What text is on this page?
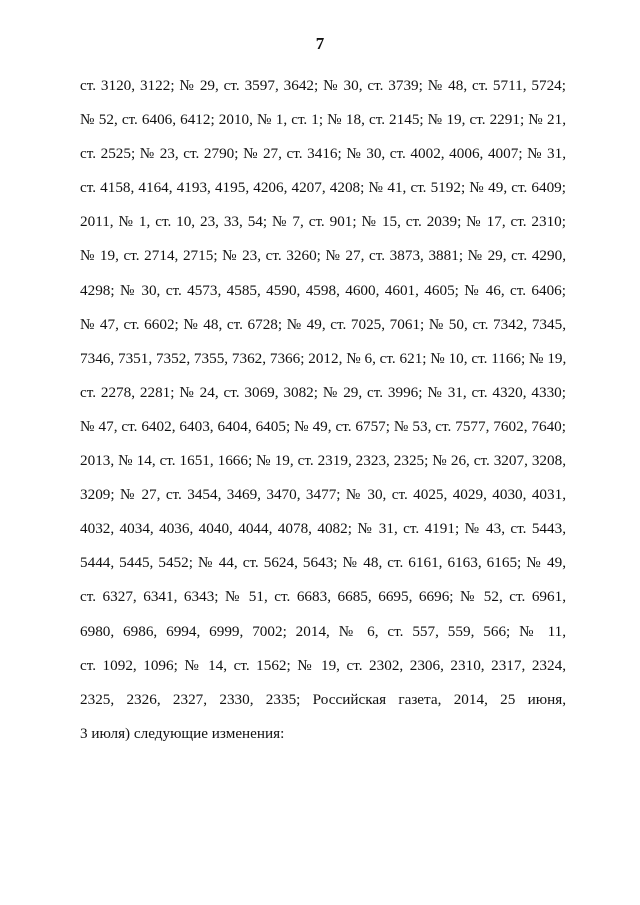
7
ст. 3120, 3122; № 29, ст. 3597, 3642; № 30, ст. 3739; № 48, ст. 5711, 5724;
№ 52, ст. 6406, 6412; 2010, № 1, ст. 1; № 18, ст. 2145; № 19, ст. 2291; № 21,
ст. 2525; № 23, ст. 2790; № 27, ст. 3416; № 30, ст. 4002, 4006, 4007; № 31,
ст. 4158, 4164, 4193, 4195, 4206, 4207, 4208; № 41, ст. 5192; № 49, ст. 6409;
2011, № 1, ст. 10, 23, 33, 54; № 7, ст. 901; № 15, ст. 2039; № 17, ст. 2310;
№ 19, ст. 2714, 2715; № 23, ст. 3260; № 27, ст. 3873, 3881; № 29, ст. 4290,
4298; № 30, ст. 4573, 4585, 4590, 4598, 4600, 4601, 4605; № 46, ст. 6406;
№ 47, ст. 6602; № 48, ст. 6728; № 49, ст. 7025, 7061; № 50, ст. 7342, 7345,
7346, 7351, 7352, 7355, 7362, 7366; 2012, № 6, ст. 621; № 10, ст. 1166; № 19,
ст. 2278, 2281; № 24, ст. 3069, 3082; № 29, ст. 3996; № 31, ст. 4320, 4330;
№ 47, ст. 6402, 6403, 6404, 6405; № 49, ст. 6757; № 53, ст. 7577, 7602, 7640;
2013, № 14, ст. 1651, 1666; № 19, ст. 2319, 2323, 2325; № 26, ст. 3207, 3208,
3209; № 27, ст. 3454, 3469, 3470, 3477; № 30, ст. 4025, 4029, 4030, 4031,
4032, 4034, 4036, 4040, 4044, 4078, 4082; № 31, ст. 4191; № 43, ст. 5443,
5444, 5445, 5452; № 44, ст. 5624, 5643; № 48, ст. 6161, 6163, 6165; № 49,
ст. 6327, 6341, 6343; № 51, ст. 6683, 6685, 6695, 6696; № 52, ст. 6961,
6980, 6986, 6994, 6999, 7002; 2014, № 6, ст. 557, 559, 566; № 11,
ст. 1092, 1096; № 14, ст. 1562; № 19, ст. 2302, 2306, 2310, 2317, 2324,
2325, 2326, 2327, 2330, 2335; Российская газета, 2014, 25 июня,
3 июля) следующие изменения:
